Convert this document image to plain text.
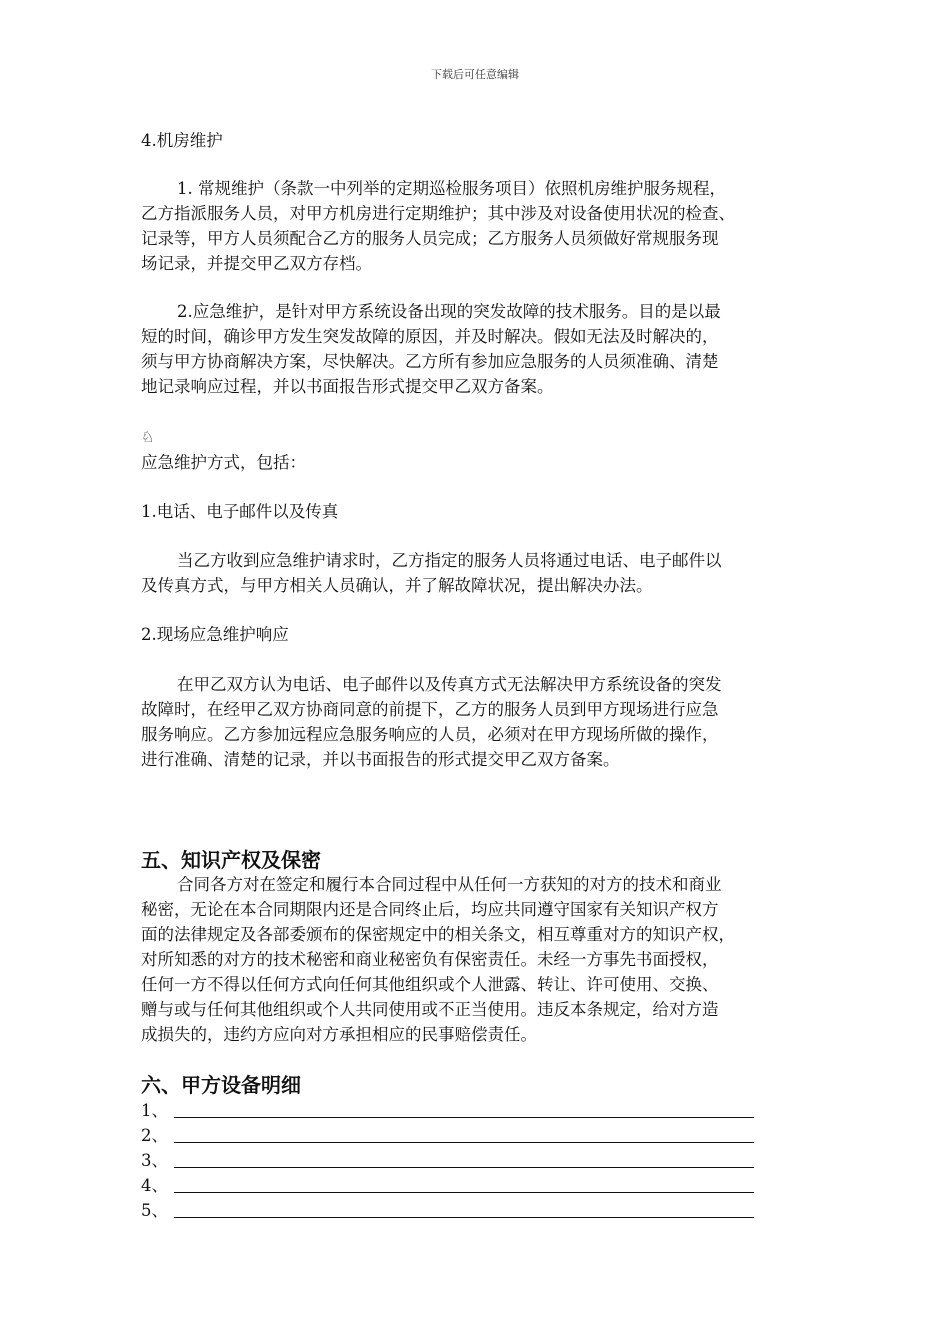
下载后可任意编辑
4.机房维护
1. 常规维护（条款一中列举的定期巡检服务项目）依照机房维护服务规程，
乙方指派服务人员，对甲方机房进行定期维护；其中涉及对设备使用状况的检查、
记录等，甲方人员须配合乙方的服务人员完成；乙方服务人员须做好常规服务现
场记录，并提交甲乙双方存档。
2.应急维护，是针对甲方系统设备出现的突发故障的技术服务。目的是以最
短的时间，确诊甲方发生突发故障的原因，并及时解决。假如无法及时解决的，
须与甲方协商解决方案，尽快解决。乙方所有参加应急服务的人员须准确、清楚
地记录响应过程，并以书面报告形式提交甲乙双方备案。
♘
应急维护方式，包括：
1.电话、电子邮件以及传真
当乙方收到应急维护请求时，乙方指定的服务人员将通过电话、电子邮件以
及传真方式，与甲方相关人员确认，并了解故障状况，提出解决办法。
2.现场应急维护响应
在甲乙双方认为电话、电子邮件以及传真方式无法解决甲方系统设备的突发
故障时，在经甲乙双方协商同意的前提下，乙方的服务人员到甲方现场进行应急
服务响应。乙方参加远程应急服务响应的人员，必须对在甲方现场所做的操作，
进行准确、清楚的记录，并以书面报告的形式提交甲乙双方备案。
五、知识产权及保密
合同各方对在签定和履行本合同过程中从任何一方获知的对方的技术和商业
秘密，无论在本合同期限内还是合同终止后，均应共同遵守国家有关知识产权方
面的法律规定及各部委颁布的保密规定中的相关条文，相互尊重对方的知识产权，
对所知悉的对方的技术秘密和商业秘密负有保密责任。未经一方事先书面授权，
任何一方不得以任何方式向任何其他组织或个人泄露、转让、许可使用、交换、
赠与或与任何其他组织或个人共同使用或不正当使用。违反本条规定，给对方造
成损失的，违约方应向对方承担相应的民事赔偿责任。
六、甲方设备明细
1、
2、
3、
4、
5、
